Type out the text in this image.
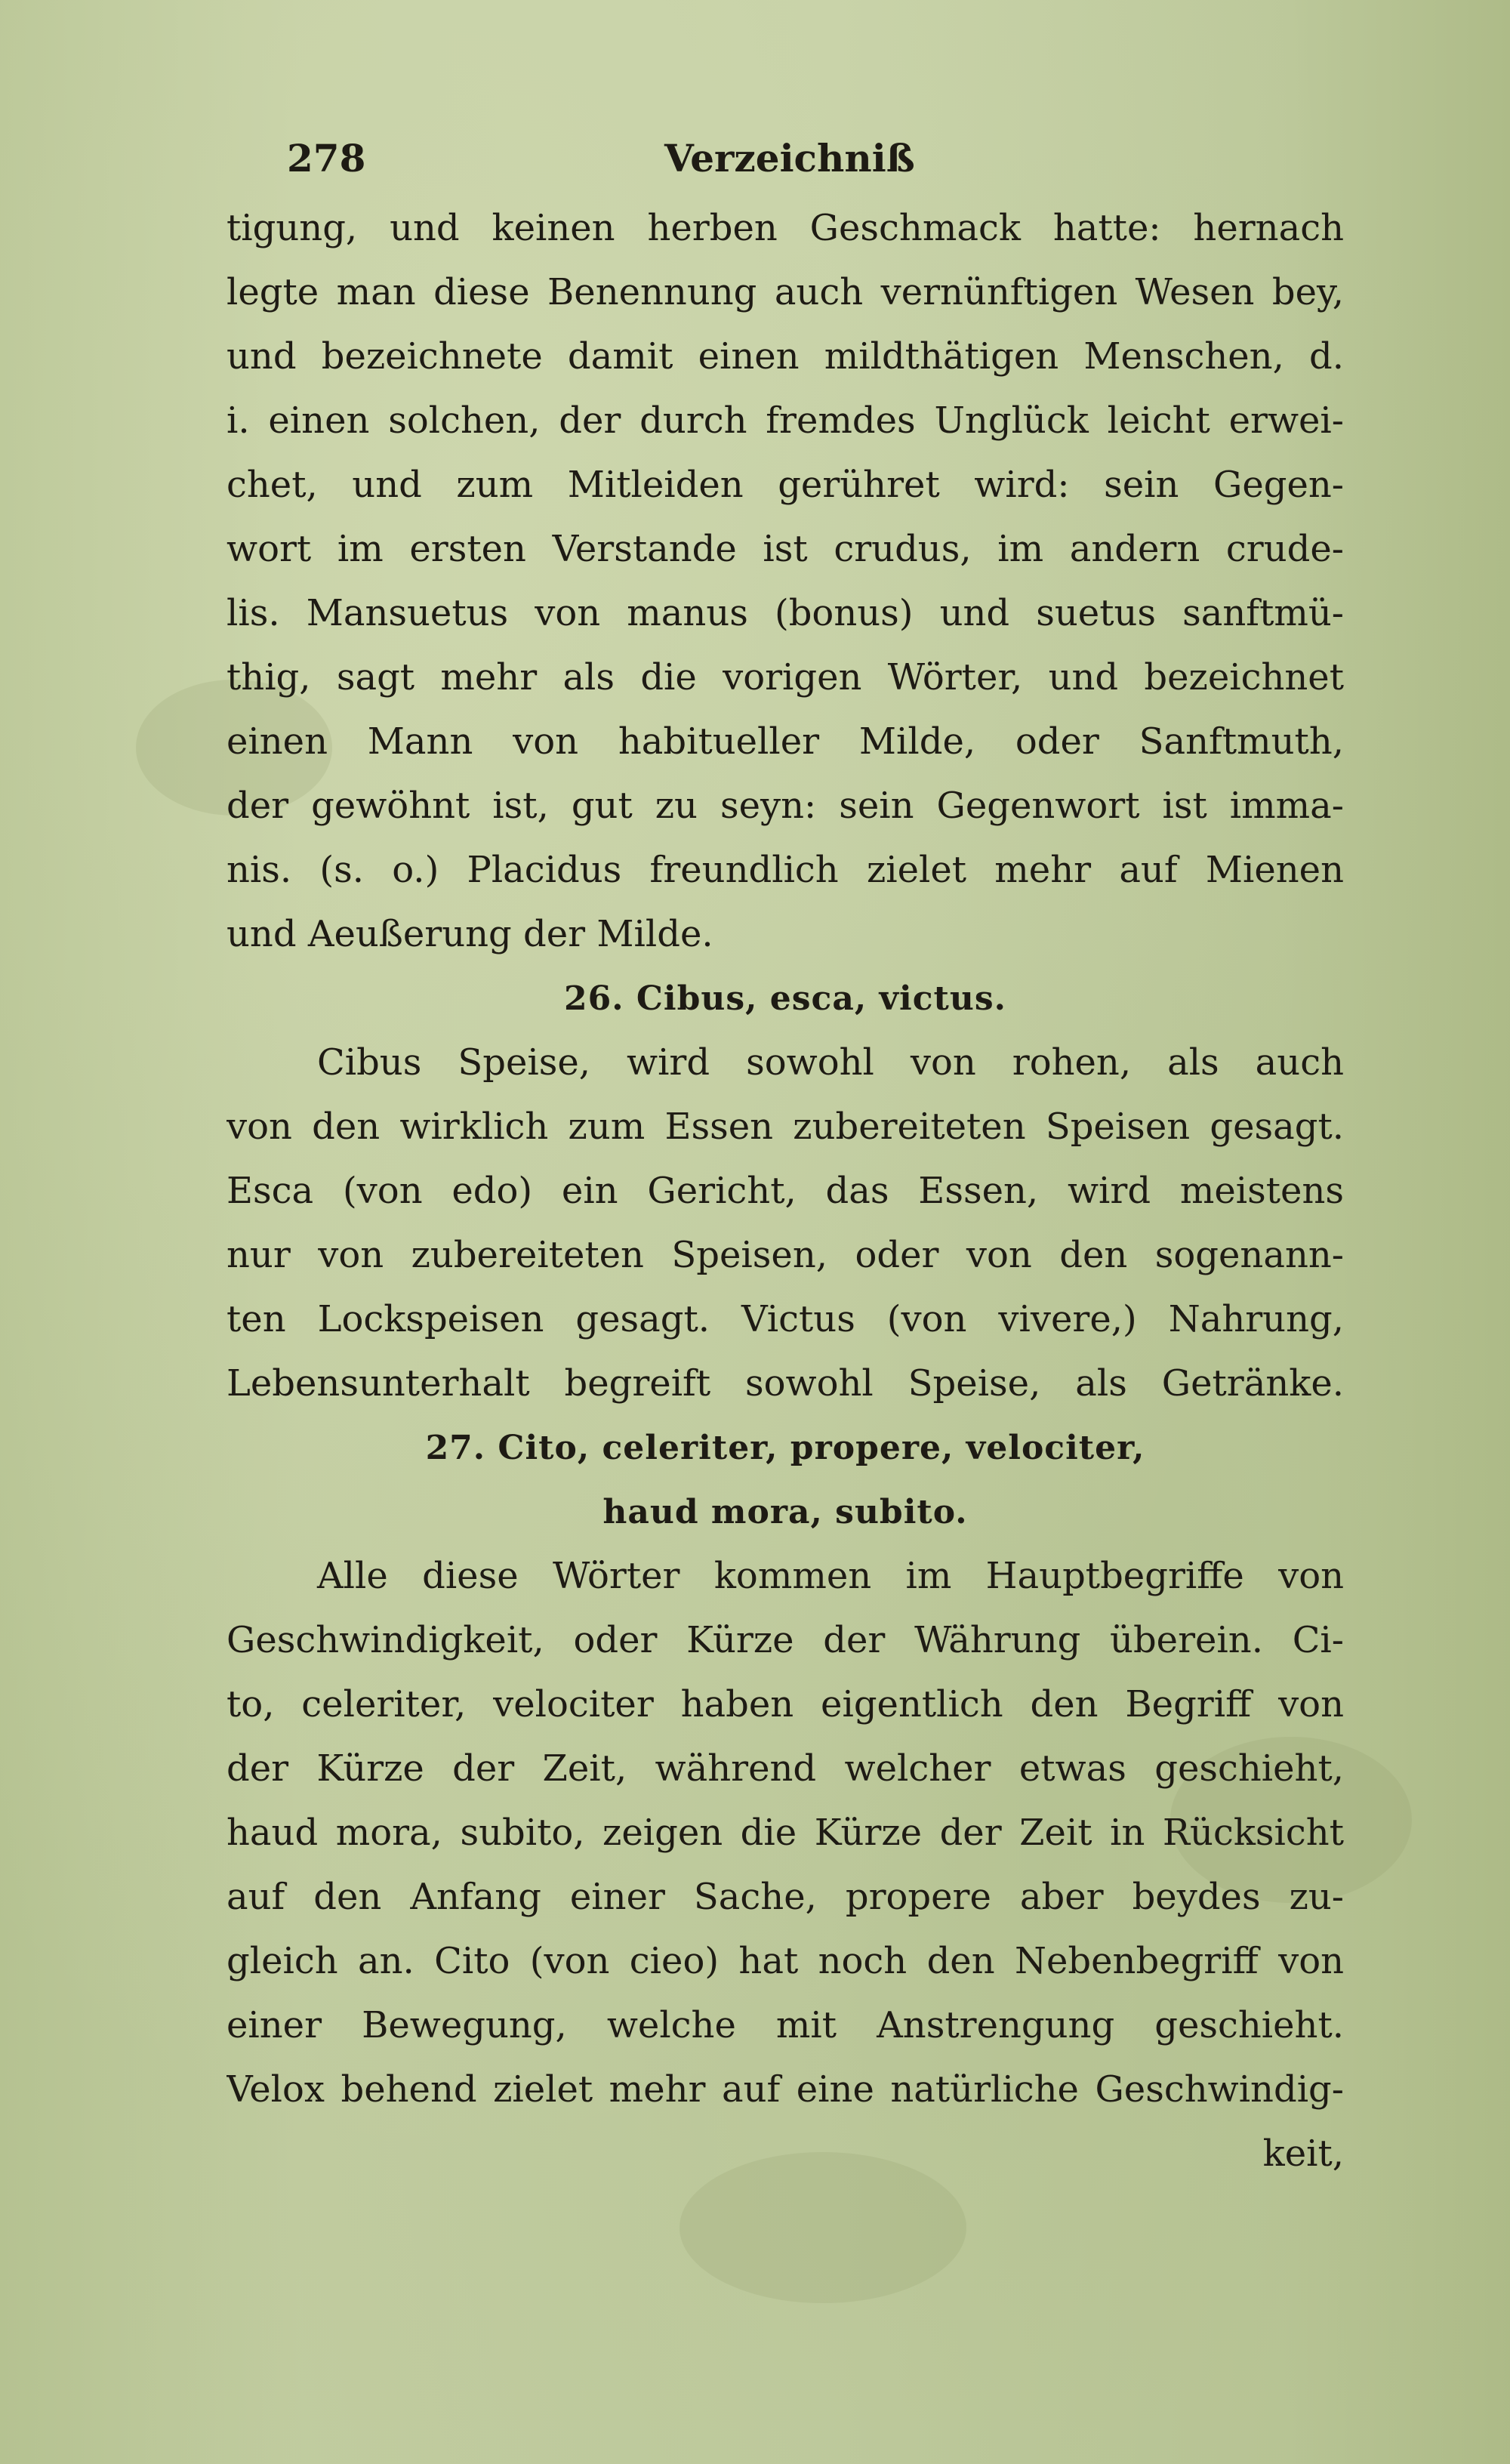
278	Verzeichniß
tigung, und keinen herben Geschmack hatte: hernach
legte man diese Benennung auch vernünftigen Wesen bey,
und bezeichnete damit einen mildthätigen Menschen, d.
i. einen solchen, der durch fremdes Unglück leicht erwei-
chet, und zum Mitleiden gerühret wird: sein Gegen-
wort im ersten Verstande ist crudus, im andern crude-
lis. Mansuetus von manus (bonus) und suetus sanftmü-
thig, sagt mehr als die vorigen Wörter, und bezeichnet
einen Mann von habitueller Milde, oder Sanftmuth,
der gewöhnt ist, gut zu seyn: sein Gegenwort ist imma-
nis. (s. o.) Placidus freundlich zielet mehr auf Mienen
und Aeußerung der Milde.
26. Cibus, esca, victus.
Cibus Speise, wird sowohl von rohen, als auch
von den wirklich zum Essen zubereiteten Speisen gesagt.
Esca (von edo) ein Gericht, das Essen, wird meistens
nur von zubereiteten Speisen, oder von den sogenann-
ten Lockspeisen gesagt. Victus (von vivere,) Nahrung,
Lebensunterhalt begreift sowohl Speise, als Getränke.
27. Cito, celeriter, propere, velociter,
haud mora, subito.
Alle diese Wörter kommen im Hauptbegriffe von
Geschwindigkeit, oder Kürze der Währung überein. Ci-
to, celeriter, velociter haben eigentlich den Begriff von
der Kürze der Zeit, während welcher etwas geschieht,
haud mora, subito, zeigen die Kürze der Zeit in Rücksicht
auf den Anfang einer Sache, propere aber beydes zu-
gleich an. Cito (von cieo) hat noch den Nebenbegriff von
einer Bewegung, welche mit Anstrengung geschieht.
Velox behend zielet mehr auf eine natürliche Geschwindig-
keit,
